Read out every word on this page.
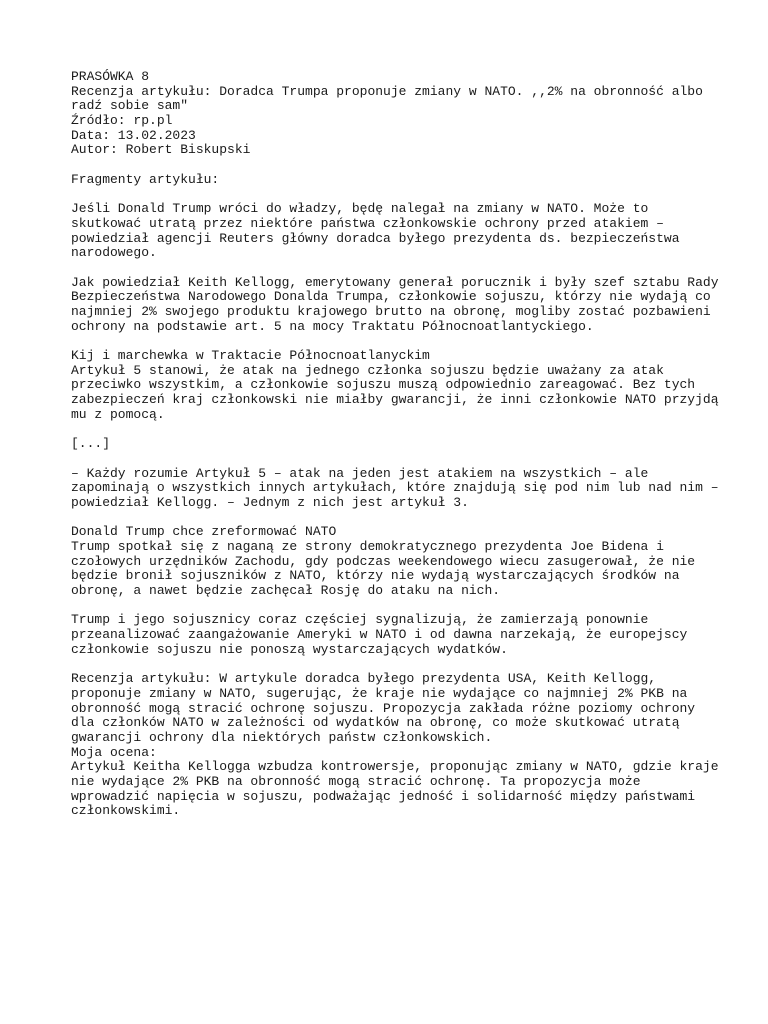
PRASÓWKA 8
Recenzja artykułu: Doradca Trumpa proponuje zmiany w NATO. ,,2% na obronność albo
radź sobie sam"
Źródło: rp.pl
Data: 13.02.2023
Autor: Robert Biskupski
Fragmenty artykułu:
Jeśli Donald Trump wróci do władzy, będę nalegał na zmiany w NATO. Może to
skutkować utratą przez niektóre państwa członkowskie ochrony przed atakiem –
powiedział agencji Reuters główny doradca byłego prezydenta ds. bezpieczeństwa
narodowego.
Jak powiedział Keith Kellogg, emerytowany generał porucznik i były szef sztabu Rady
Bezpieczeństwa Narodowego Donalda Trumpa, członkowie sojuszu, którzy nie wydają co
najmniej 2% swojego produktu krajowego brutto na obronę, mogliby zostać pozbawieni
ochrony na podstawie art. 5 na mocy Traktatu Północnoatlantyckiego.
Kij i marchewka w Traktacie Północnoatlanyckim
Artykuł 5 stanowi, że atak na jednego członka sojuszu będzie uważany za atak
przeciwko wszystkim, a członkowie sojuszu muszą odpowiednio zareagować. Bez tych
zabezpieczeń kraj członkowski nie miałby gwarancji, że inni członkowie NATO przyjdą
mu z pomocą.
[...]
– Każdy rozumie Artykuł 5 – atak na jeden jest atakiem na wszystkich – ale
zapominają o wszystkich innych artykułach, które znajdują się pod nim lub nad nim –
powiedział Kellogg. – Jednym z nich jest artykuł 3.
Donald Trump chce zreformować NATO
Trump spotkał się z naganą ze strony demokratycznego prezydenta Joe Bidena i
czołowych urzędników Zachodu, gdy podczas weekendowego wiecu zasugerował, że nie
będzie bronił sojuszników z NATO, którzy nie wydają wystarczających środków na
obronę, a nawet będzie zachęcał Rosję do ataku na nich.
Trump i jego sojusznicy coraz częściej sygnalizują, że zamierzają ponownie
przeanalizować zaangażowanie Ameryki w NATO i od dawna narzekają, że europejscy
członkowie sojuszu nie ponoszą wystarczających wydatków.
Recenzja artykułu: W artykule doradca byłego prezydenta USA, Keith Kellogg,
proponuje zmiany w NATO, sugerując, że kraje nie wydające co najmniej 2% PKB na
obronność mogą stracić ochronę sojuszu. Propozycja zakłada różne poziomy ochrony
dla członków NATO w zależności od wydatków na obronę, co może skutkować utratą
gwarancji ochrony dla niektórych państw członkowskich.
Moja ocena:
Artykuł Keitha Kellogga wzbudza kontrowersje, proponując zmiany w NATO, gdzie kraje
nie wydające 2% PKB na obronność mogą stracić ochronę. Ta propozycja może
wprowadzić napięcia w sojuszu, podważając jedność i solidarność między państwami
członkowskimi.
